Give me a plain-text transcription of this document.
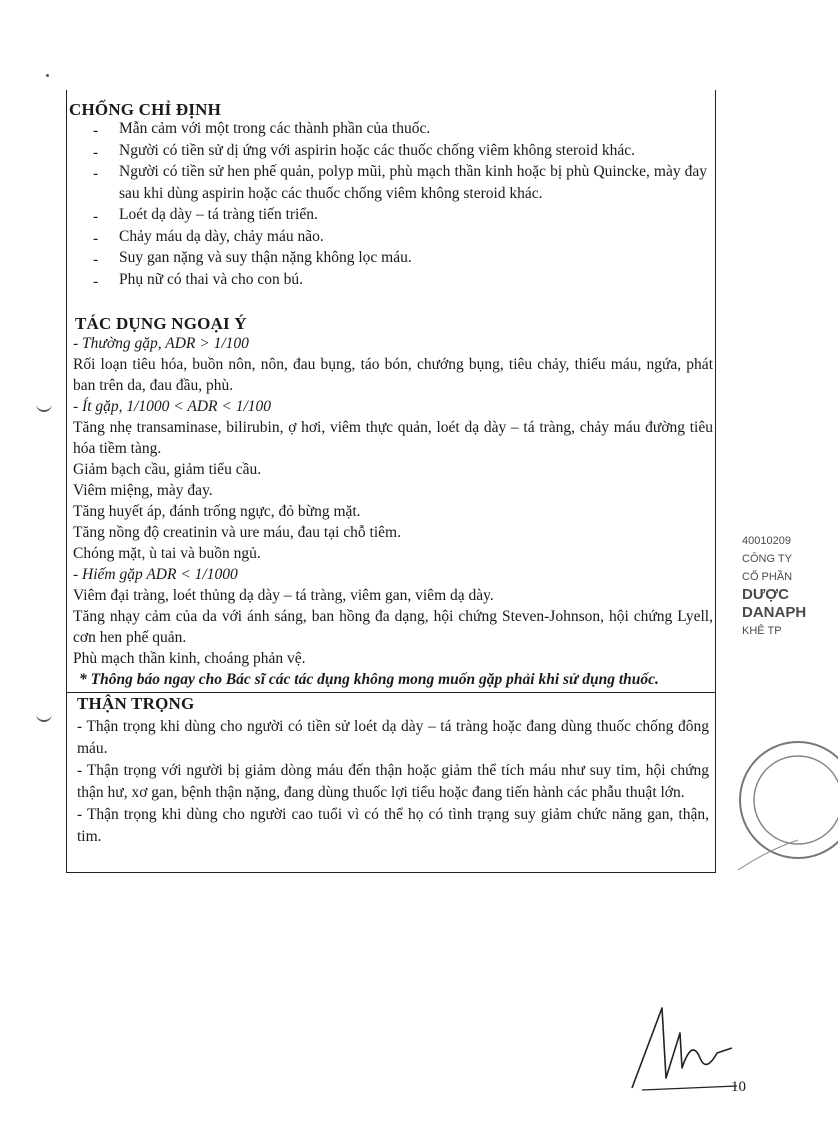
CHỐNG CHỈ ĐỊNH
- Mẫn cảm với một trong các thành phần của thuốc.
- Người có tiền sử dị ứng với aspirin hoặc các thuốc chống viêm không steroid khác.
- Người có tiền sử hen phế quản, polyp mũi, phù mạch thần kinh hoặc bị phù Quincke, mày đay sau khi dùng aspirin hoặc các thuốc chống viêm không steroid khác.
- Loét dạ dày – tá tràng tiến triển.
- Chảy máu dạ dày, chảy máu não.
- Suy gan nặng và suy thận nặng không lọc máu.
- Phụ nữ có thai và cho con bú.
TÁC DỤNG NGOẠI Ý
- Thường gặp, ADR > 1/100
Rối loạn tiêu hóa, buồn nôn, nôn, đau bụng, táo bón, chướng bụng, tiêu chảy, thiếu máu, ngứa, phát ban trên da, đau đầu, phù.
- Ít gặp, 1/1000 < ADR < 1/100
Tăng nhẹ transaminase, bilirubin, ợ hơi, viêm thực quản, loét dạ dày – tá tràng, chảy máu đường tiêu hóa tiềm tàng.
Giảm bạch cầu, giảm tiểu cầu.
Viêm miệng, mày đay.
Tăng huyết áp, đánh trống ngực, đỏ bừng mặt.
Tăng nồng độ creatinin và ure máu, đau tại chỗ tiêm.
Chóng mặt, ù tai và buồn ngủ.
- Hiếm gặp ADR < 1/1000
Viêm đại tràng, loét thủng dạ dày – tá tràng, viêm gan, viêm dạ dày.
Tăng nhạy cảm của da với ánh sáng, ban hồng đa dạng, hội chứng Steven-Johnson, hội chứng Lyell, cơn hen phế quản.
Phù mạch thần kinh, choáng phản vệ.
* Thông báo ngay cho Bác sĩ các tác dụng không mong muốn gặp phải khi sử dụng thuốc.
THẬN TRỌNG

- Thận trọng khi dùng cho người có tiền sử loét dạ dày – tá tràng hoặc đang dùng thuốc chống đông máu.

- Thận trọng với người bị giảm dòng máu đến thận hoặc giảm thể tích máu như suy tim, hội chứng thận hư, xơ gan, bệnh thận nặng, đang dùng thuốc lợi tiểu hoặc đang tiến hành các phẫu thuật lớn.

- Thận trọng khi dùng cho người cao tuổi vì có thể họ có tình trạng suy giảm chức năng gan, thận, tim.

40010209
CÔNG TY
CỔ PHẦN
DƯỢC
DANAPH
KHÊ TP
10
